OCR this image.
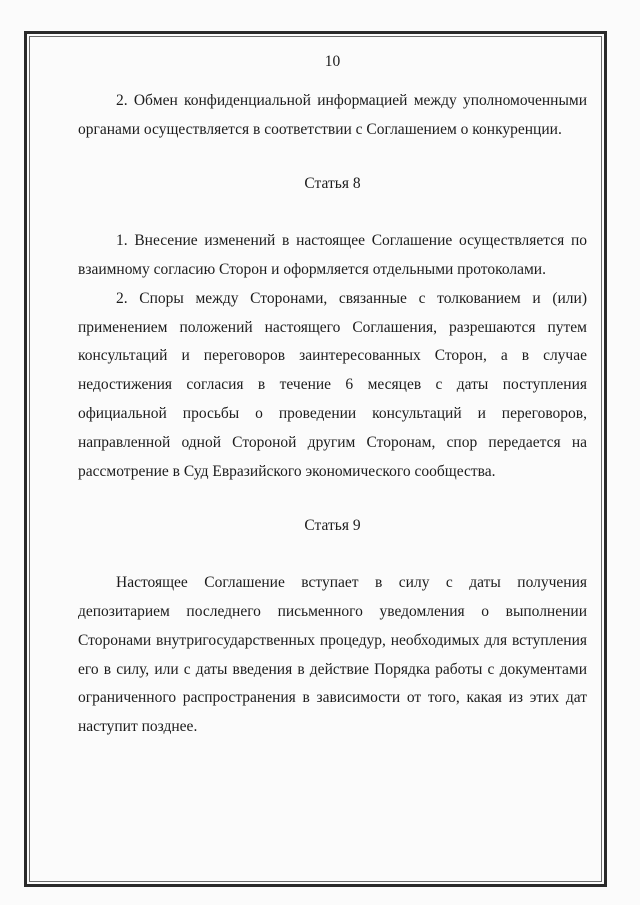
10

2. Обмен конфиденциальной информацией между уполномоченными органами осуществляется в соответствии с Соглашением о конкуренции.

Статья 8

1. Внесение изменений в настоящее Соглашение осуществляется по взаимному согласию Сторон и оформляется отдельными протоколами.

2. Споры между Сторонами, связанные с толкованием и (или) применением положений настоящего Соглашения, разрешаются путем консультаций и переговоров заинтересованных Сторон, а в случае недостижения согласия в течение 6 месяцев с даты поступления официальной просьбы о проведении консультаций и переговоров, направленной одной Стороной другим Сторонам, спор передается на рассмотрение в Суд Евразийского экономического сообщества.

Статья 9

Настоящее Соглашение вступает в силу с даты получения депозитарием последнего письменного уведомления о выполнении Сторонами внутригосударственных процедур, необходимых для вступления его в силу, или с даты введения в действие Порядка работы с документами ограниченного распространения в зависимости от того, какая из этих дат наступит позднее.
